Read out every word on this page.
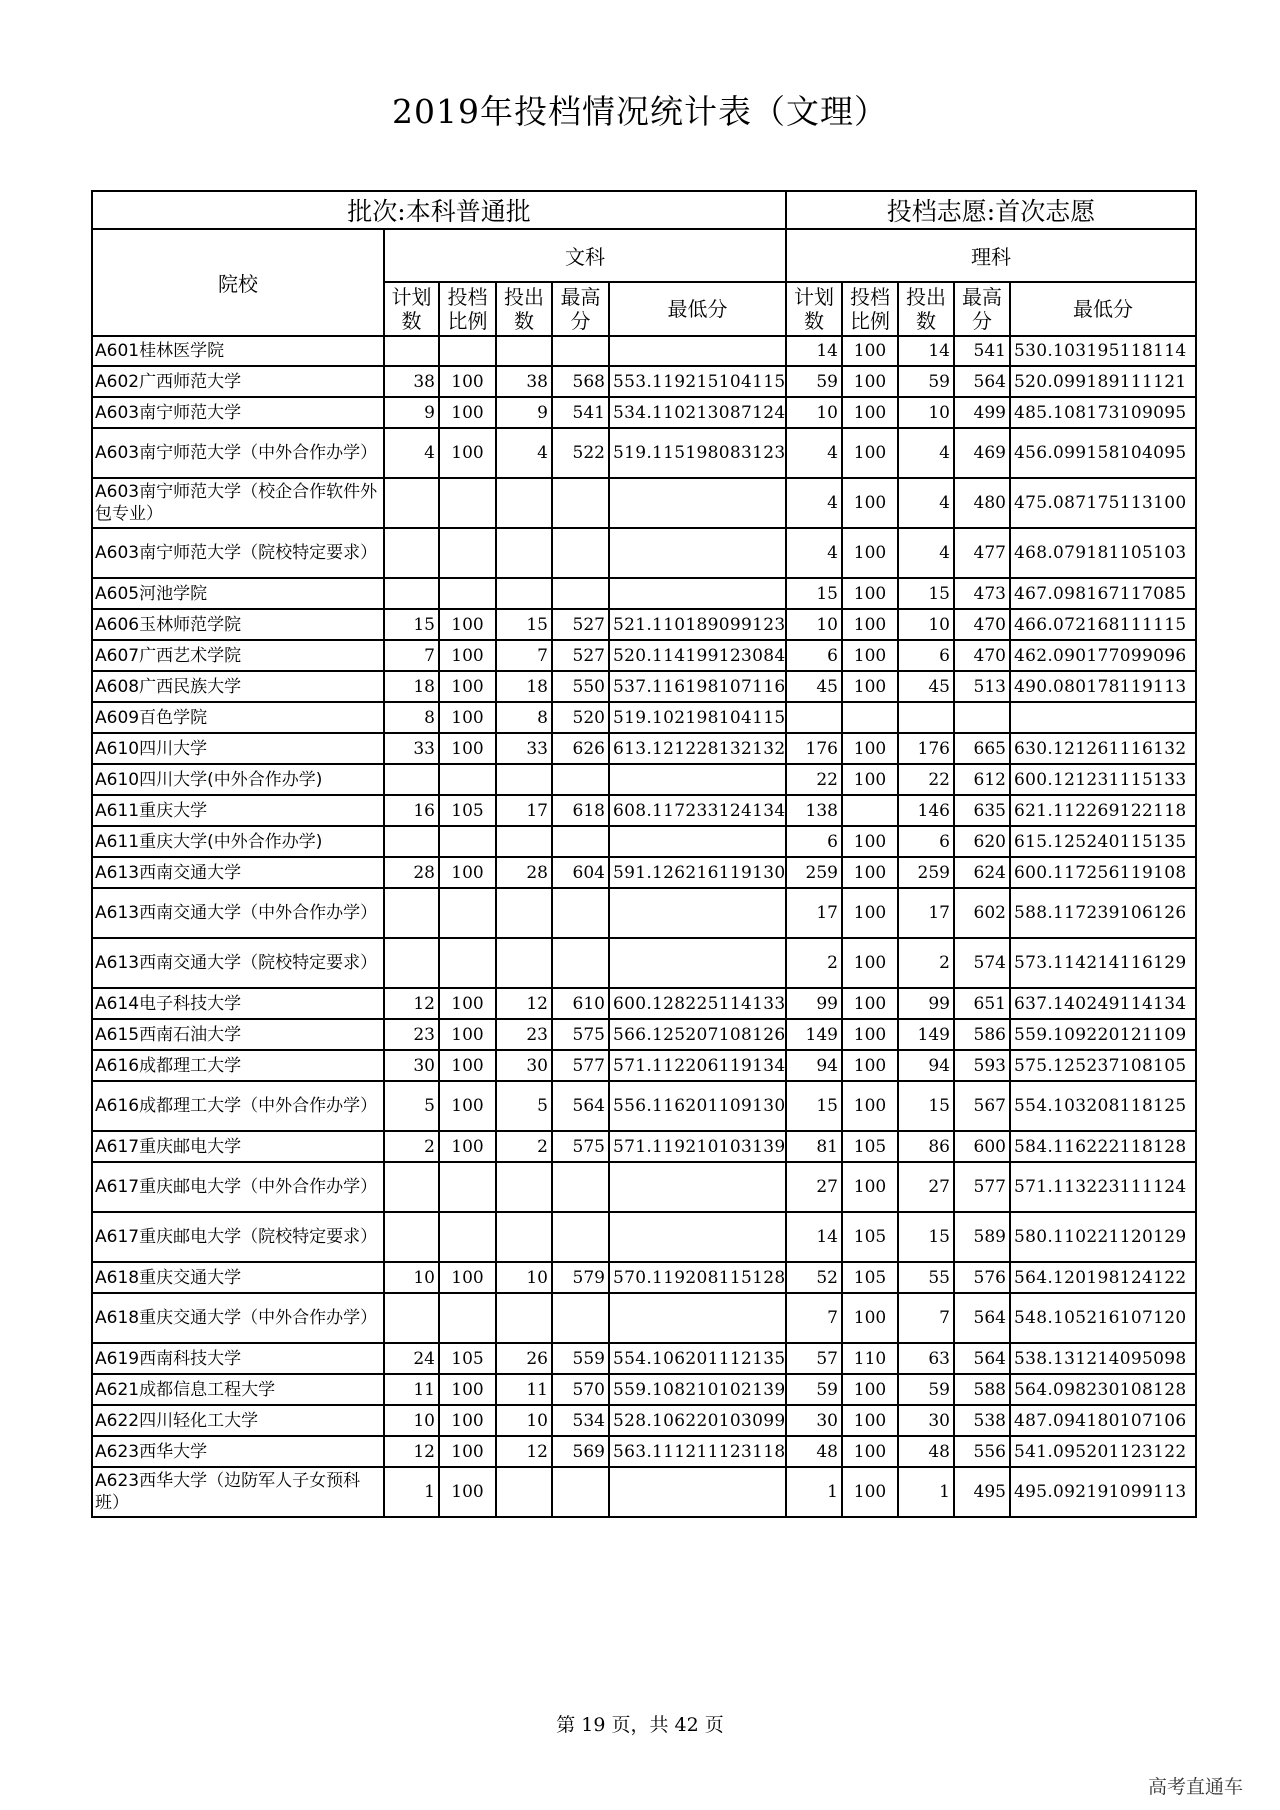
2019年投档情况统计表（文理）
批次:本科普通批						投档志愿:首次志愿				
院校	文科					理科				
	计划数	投档比例	投出数	最高分	最低分	计划数	投档比例	投出数	最高分	最低分
A601桂林医学院						14	100	14	541	530.103195118114
A602广西师范大学	38	100	38	568	553.119215104115	59	100	59	564	520.099189111121
A603南宁师范大学	9	100	9	541	534.110213087124	10	100	10	499	485.108173109095
A603南宁师范大学（中外合作办学）	4	100	4	522	519.115198083123	4	100	4	469	456.099158104095
A603南宁师范大学（校企合作软件外包专业）						4	100	4	480	475.087175113100
A603南宁师范大学（院校特定要求）						4	100	4	477	468.079181105103
A605河池学院						15	100	15	473	467.098167117085
A606玉林师范学院	15	100	15	527	521.110189099123	10	100	10	470	466.072168111115
A607广西艺术学院	7	100	7	527	520.114199123084	6	100	6	470	462.090177099096
A608广西民族大学	18	100	18	550	537.116198107116	45	100	45	513	490.080178119113
A609百色学院	8	100	8	520	519.102198104115					
A610四川大学	33	100	33	626	613.121228132132	176	100	176	665	630.121261116132
A610四川大学(中外合作办学)						22	100	22	612	600.121231115133
A611重庆大学	16	105	17	618	608.117233124134	138		146	635	621.112269122118
A611重庆大学(中外合作办学)						6	100	6	620	615.125240115135
A613西南交通大学	28	100	28	604	591.126216119130	259	100	259	624	600.117256119108
A613西南交通大学（中外合作办学）						17	100	17	602	588.117239106126
A613西南交通大学（院校特定要求）						2	100	2	574	573.114214116129
A614电子科技大学	12	100	12	610	600.128225114133	99	100	99	651	637.140249114134
A615西南石油大学	23	100	23	575	566.125207108126	149	100	149	586	559.109220121109
A616成都理工大学	30	100	30	577	571.112206119134	94	100	94	593	575.125237108105
A616成都理工大学（中外合作办学）	5	100	5	564	556.116201109130	15	100	15	567	554.103208118125
A617重庆邮电大学	2	100	2	575	571.119210103139	81	105	86	600	584.116222118128
A617重庆邮电大学（中外合作办学）						27	100	27	577	571.113223111124
A617重庆邮电大学（院校特定要求）						14	105	15	589	580.110221120129
A618重庆交通大学	10	100	10	579	570.119208115128	52	105	55	576	564.120198124122
A618重庆交通大学（中外合作办学）						7	100	7	564	548.105216107120
A619西南科技大学	24	105	26	559	554.106201112135	57	110	63	564	538.131214095098
A621成都信息工程大学	11	100	11	570	559.108210102139	59	100	59	588	564.098230108128
A622四川轻化工大学	10	100	10	534	528.106220103099	30	100	30	538	487.094180107106
A623西华大学	12	100	12	569	563.111211123118	48	100	48	556	541.095201123122
A623西华大学（边防军人子女预科班）	1	100				1	100	1	495	495.092191099113
第 19 页，共 42 页
高考直通车
